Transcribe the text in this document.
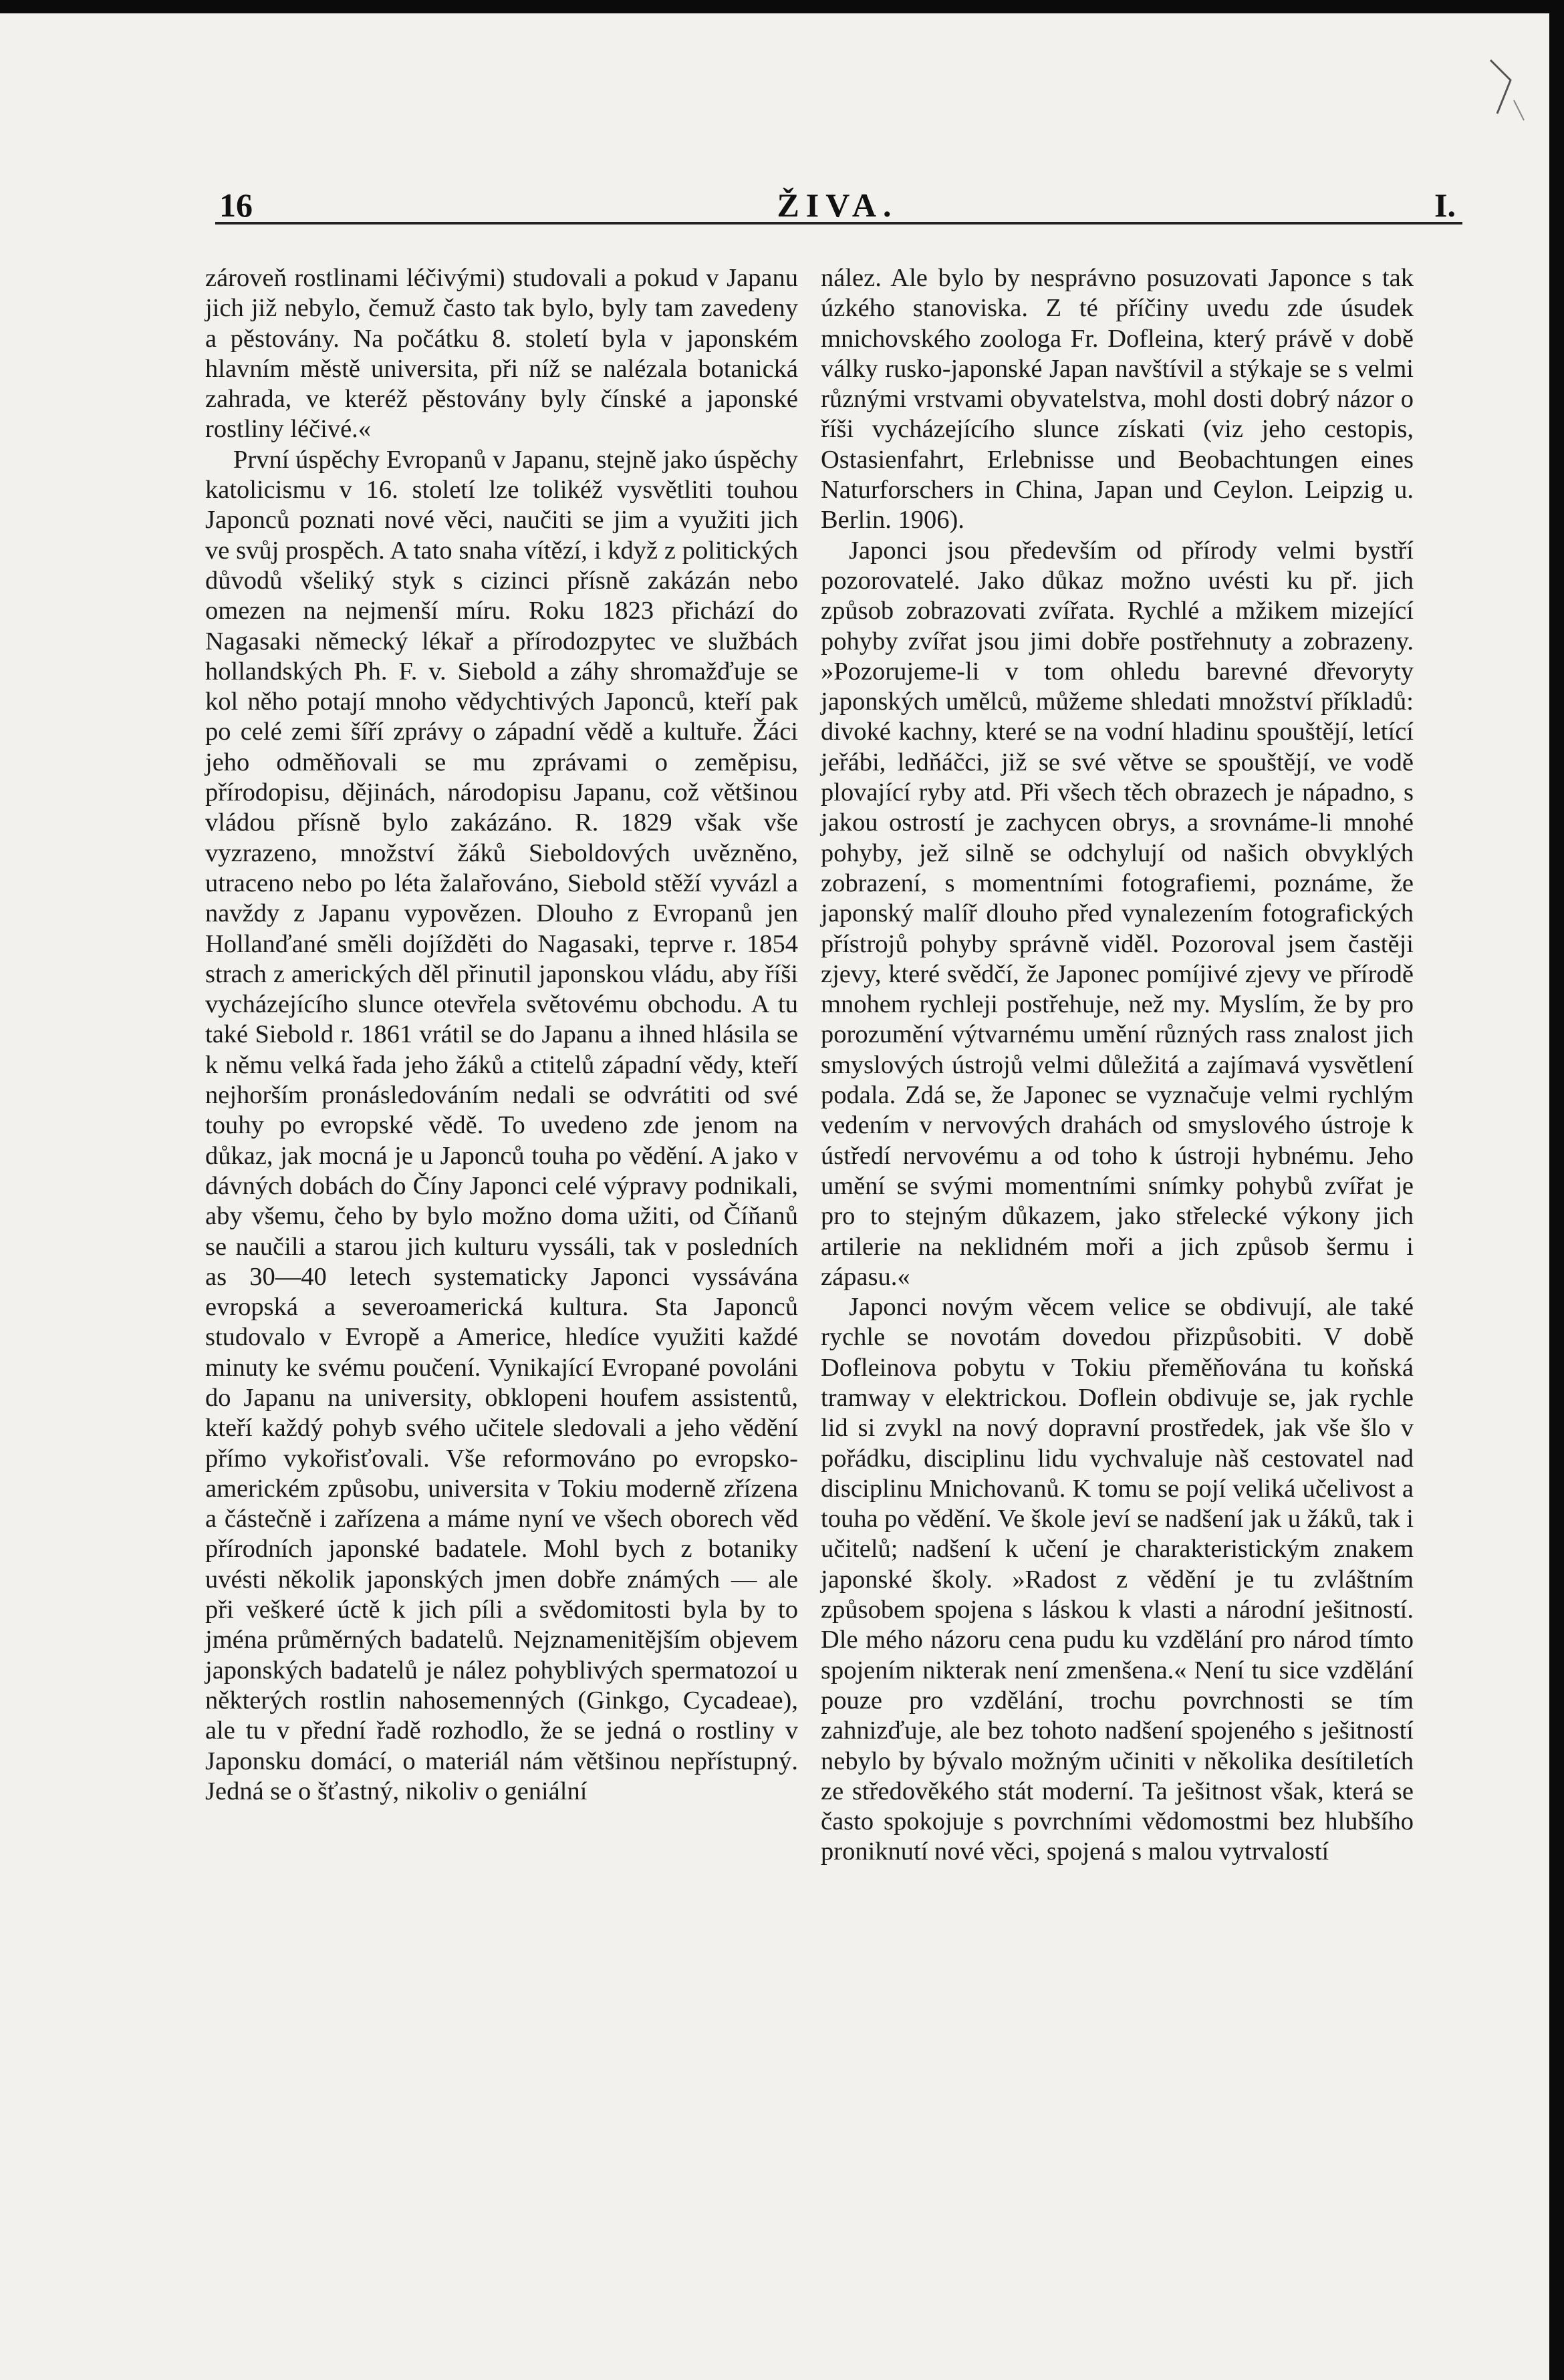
16	ŽIVA.	I.

zároveň rostlinami léčivými) studovali a pokud v Japanu jich již nebylo, čemuž často tak bylo, byly tam zavedeny a pěstovány. Na počátku 8. století byla v japonském hlavním městě universita, při níž se nalézala botanická zahrada, ve kteréž pěstovány byly čínské a japonské rostliny léčivé.«

První úspěchy Evropanů v Japanu, stejně jako úspěchy katolicismu v 16. století lze tolikéž vysvětliti touhou Japonců poznati nové věci, naučiti se jim a využiti jich ve svůj prospěch. A tato snaha vítězí, i když z politických důvodů všeliký styk s cizinci přísně zakázán nebo omezen na nejmenší míru. Roku 1823 přichází do Nagasaki německý lékař a přírodozpytec ve službách hollandských Ph. F. v. Siebold a záhy shromažďuje se kol něho potají mnoho vědychtivých Japonců, kteří pak po celé zemi šíří zprávy o západní vědě a kultuře. Žáci jeho odměňovali se mu zprávami o zeměpisu, přírodopisu, dějinách, národopisu Japanu, což většinou vládou přísně bylo zakázáno. R. 1829 však vše vyzrazeno, množství žáků Sieboldových uvězněno, utraceno nebo po léta žalařováno, Siebold stěží vyvázl a navždy z Japanu vypovězen. Dlouho z Evropanů jen Hollanďané směli dojížděti do Nagasaki, teprve r. 1854 strach z amerických děl přinutil japonskou vládu, aby říši vycházejícího slunce otevřela světovému obchodu. A tu také Siebold r. 1861 vrátil se do Japanu a ihned hlásila se k němu velká řada jeho žáků a ctitelů západní vědy, kteří nejhorším pronásledováním nedali se odvrátiti od své touhy po evropské vědě. To uvedeno zde jenom na důkaz, jak mocná je u Japonců touha po vědění. A jako v dávných dobách do Číny Japonci celé výpravy podnikali, aby všemu, čeho by bylo možno doma užiti, od Číňanů se naučili a starou jich kulturu vyssáli, tak v posledních as 30—40 letech systematicky Japonci vyssávána evropská a severoamerická kultura. Sta Japonců studovalo v Evropě a Americe, hledíce využiti každé minuty ke svému poučení. Vynikající Evropané povoláni do Japanu na university, obklopeni houfem assistentů, kteří každý pohyb svého učitele sledovali a jeho vědění přímo vykořisťovali. Vše reformováno po evropsko-americkém způsobu, universita v Tokiu moderně zřízena a částečně i zařízena a máme nyní ve všech oborech věd přírodních japonské badatele. Mohl bych z botaniky uvésti několik japonských jmen dobře známých — ale při veškeré úctě k jich píli a svědomitosti byla by to jména průměrných badatelů. Nejznamenitějším objevem japonských badatelů je nález pohyblivých spermatozoí u některých rostlin nahosemenných (Ginkgo, Cycadeae), ale tu v přední řadě rozhodlo, že se jedná o rostliny v Japonsku domácí, o materiál nám většinou nepřístupný. Jedná se o šťastný, nikoliv o geniální

nález. Ale bylo by nesprávno posuzovati Japonce s tak úzkého stanoviska. Z té příčiny uvedu zde úsudek mnichovského zoologa Fr. Dofleina, který právě v době války rusko-japonské Japan navštívil a stýkaje se s velmi různými vrstvami obyvatelstva, mohl dosti dobrý názor o říši vycházejícího slunce získati (viz jeho cestopis, Ostasienfahrt, Erlebnisse und Beobachtungen eines Naturforschers in China, Japan und Ceylon. Leipzig u. Berlin. 1906).

Japonci jsou především od přírody velmi bystří pozorovatelé. Jako důkaz možno uvésti ku př. jich způsob zobrazovati zvířata. Rychlé a mžikem mizející pohyby zvířat jsou jimi dobře postřehnuty a zobrazeny. »Pozorujeme-li v tom ohledu barevné dřevoryty japonských umělců, můžeme shledati množství příkladů: divoké kachny, které se na vodní hladinu spouštějí, letící jeřábi, ledňáčci, již se své větve se spouštějí, ve vodě plovající ryby atd. Při všech těch obrazech je nápadno, s jakou ostrostí je zachycen obrys, a srovnáme-li mnohé pohyby, jež silně se odchylují od našich obvyklých zobrazení, s momentními fotografiemi, poznáme, že japonský malíř dlouho před vynalezením fotografických přístrojů pohyby správně viděl. Pozoroval jsem častěji zjevy, které svědčí, že Japonec pomíjivé zjevy ve přírodě mnohem rychleji postřehuje, než my. Myslím, že by pro porozumění výtvarnému umění různých rass znalost jich smyslových ústrojů velmi důležitá a zajímavá vysvětlení podala. Zdá se, že Japonec se vyznačuje velmi rychlým vedením v nervových drahách od smyslového ústroje k ústředí nervovému a od toho k ústroji hybnému. Jeho umění se svými momentními snímky pohybů zvířat je pro to stejným důkazem, jako střelecké výkony jich artilerie na neklidném moři a jich způsob šermu i zápasu.«

Japonci novým věcem velice se obdivují, ale také rychle se novotám dovedou přizpůsobiti. V době Dofleinova pobytu v Tokiu přeměňována tu koňská tramway v elektrickou. Doflein obdivuje se, jak rychle lid si zvykl na nový dopravní prostředek, jak vše šlo v pořádku, disciplinu lidu vychvaluje nàš cestovatel nad disciplinu Mnichovanů. K tomu se pojí veliká učelivost a touha po vědění. Ve škole jeví se nadšení jak u žáků, tak i učitelů; nadšení k učení je charakteristickým znakem japonské školy. »Radost z vědění je tu zvláštním způsobem spojena s láskou k vlasti a národní ješitností. Dle mého názoru cena pudu ku vzdělání pro národ tímto spojením nikterak není zmenšena.« Není tu sice vzdělání pouze pro vzdělání, trochu povrchnosti se tím zahnizďuje, ale bez tohoto nadšení spojeného s ješitností nebylo by bývalo možným učiniti v několika desítiletích ze středověkého stát moderní. Ta ješitnost však, která se často spokojuje s povrchními vědomostmi bez hlubšího proniknutí nové věci, spojená s malou vytrvalostí
